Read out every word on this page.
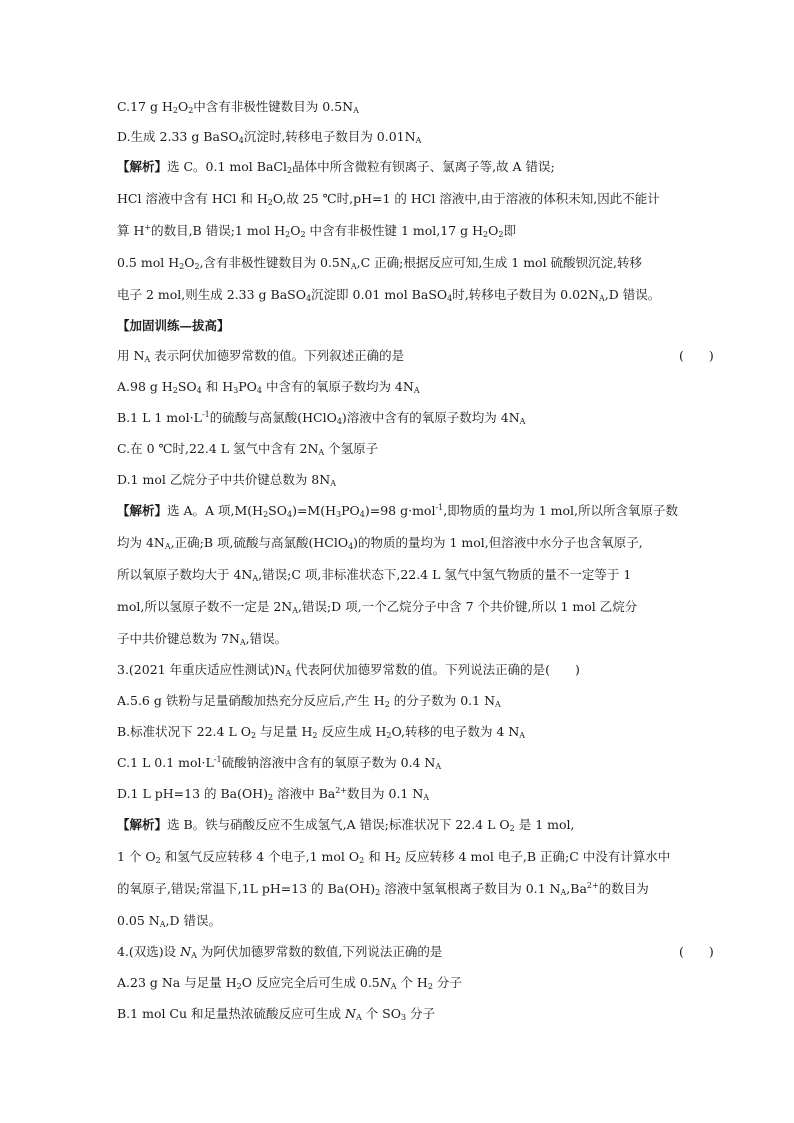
C.17 g $H_2O_2$中含有非极性键数目为 $0.5N_A$
D.生成 2.33 g BaSO$_4$沉淀时,转移电子数目为 $0.01N_A$
【解析】选 C。0.1 mol BaCl$_2$晶体中所含微粒有钡离子、氯离子等,故 A 错误;
HCl 溶液中含有 HCl 和 $H_2O$,故 25 ℃时,pH=1 的 HCl 溶液中,由于溶液的体积未知,因此不能计
算 H+的数目,B 错误;1 mol $H_2O_2$ 中含有非极性键 1 mol,17 g $H_2O_2$即
0.5 mol $H_2O_2$,含有非极性键数目为 $0.5N_A,C$ 正确;根据反应可知,生成 1 mol 硫酸钡沉淀,转移
电子 2 mol,则生成 2.33 g BaSO$_4$沉淀即 0.01 mol BaSO$_4$时,转移电子数目为 $0.02N_A,D$ 错误。
【加固训练—拔高】
用 $N_A$ 表示阿伏加德罗常数的值。下列叙述正确的是	(　　)
A.98 g $H_2SO_4$ 和 $H_3PO_4$ 中含有的氧原子数均为 $4N_A$
B.1 L 1 $mol\cdot L^{-1}$的硫酸与高氯酸(HClO$_4$)溶液中含有的氧原子数均为 $4N_A$
C.在 0 ℃时,22.4 L 氢气中含有 $2N_A$ 个氢原子
D.1 mol 乙烷分子中共价键总数为 $8N_A$
【解析】选 A。A 项$,M(H_2SO_4)=M(H_3PO_4)=98$ g·mol$^{-1}$,即物质的量均为 1 mol,所以所含氧原子数
均为 $4N_A$,正确;B 项,硫酸与高氯酸(HClO$_4$)的物质的量均为 1 mol,但溶液中水分子也含氧原子,
所以氧原子数均大于 $4N_A$,错误;C 项,非标准状态下,22.4 L 氢气中氢气物质的量不一定等于 1
mol,所以氢原子数不一定是 $2N_A$,错误;D 项,一个乙烷分子中含 7 个共价键,所以 1 mol 乙烷分
子中共价键总数为 $7N_A$,错误。
3.(2021 年重庆适应性测试)$N_A$ 代表阿伏加德罗常数的值。下列说法正确的是(　　)
A.5.6 g 铁粉与足量硝酸加热充分反应后,产生 $H_2$ 的分子数为 0.1 $N_A$
B.标准状况下 22.4 L $O_2$ 与足量 $H_2$ 反应生成 $H_2O$,转移的电子数为 4 $N_A$
C.1 L 0.1 $mol\cdot L^{-1}$硫酸钠溶液中含有的氧原子数为 0.4 $N_A$
D.1 L pH=13 的 $Ba(OH)_2$ 溶液中 $Ba^{2+}$数目为 0.1 $N_A$
【解析】选 B。铁与硝酸反应不生成氢气,A 错误;标准状况下 22.4 L $O_2$ 是 1 mol,
1 个 $O_2$ 和氢气反应转移 4 个电子,1 mol $O_2$ 和 $H_2$ 反应转移 4 mol 电子,B 正确;C 中没有计算水中
的氧原子,错误;常温下,1L pH=13 的 $Ba(OH)_2$ 溶液中氢氧根离子数目为 0.1 $N_A,Ba^{2+}$的数目为
0.05 $N_A,D$ 错误。
4.(双选)设 $N_A$ 为阿伏加德罗常数的数值,下列说法正确的是	(　　)
A.23 g Na 与足量 $H_2O$ 反应完全后可生成 $0.5N_A$ 个 $H_2$ 分子
B.1 mol Cu 和足量热浓硫酸反应可生成 $N_A$ 个 $SO_3$ 分子
